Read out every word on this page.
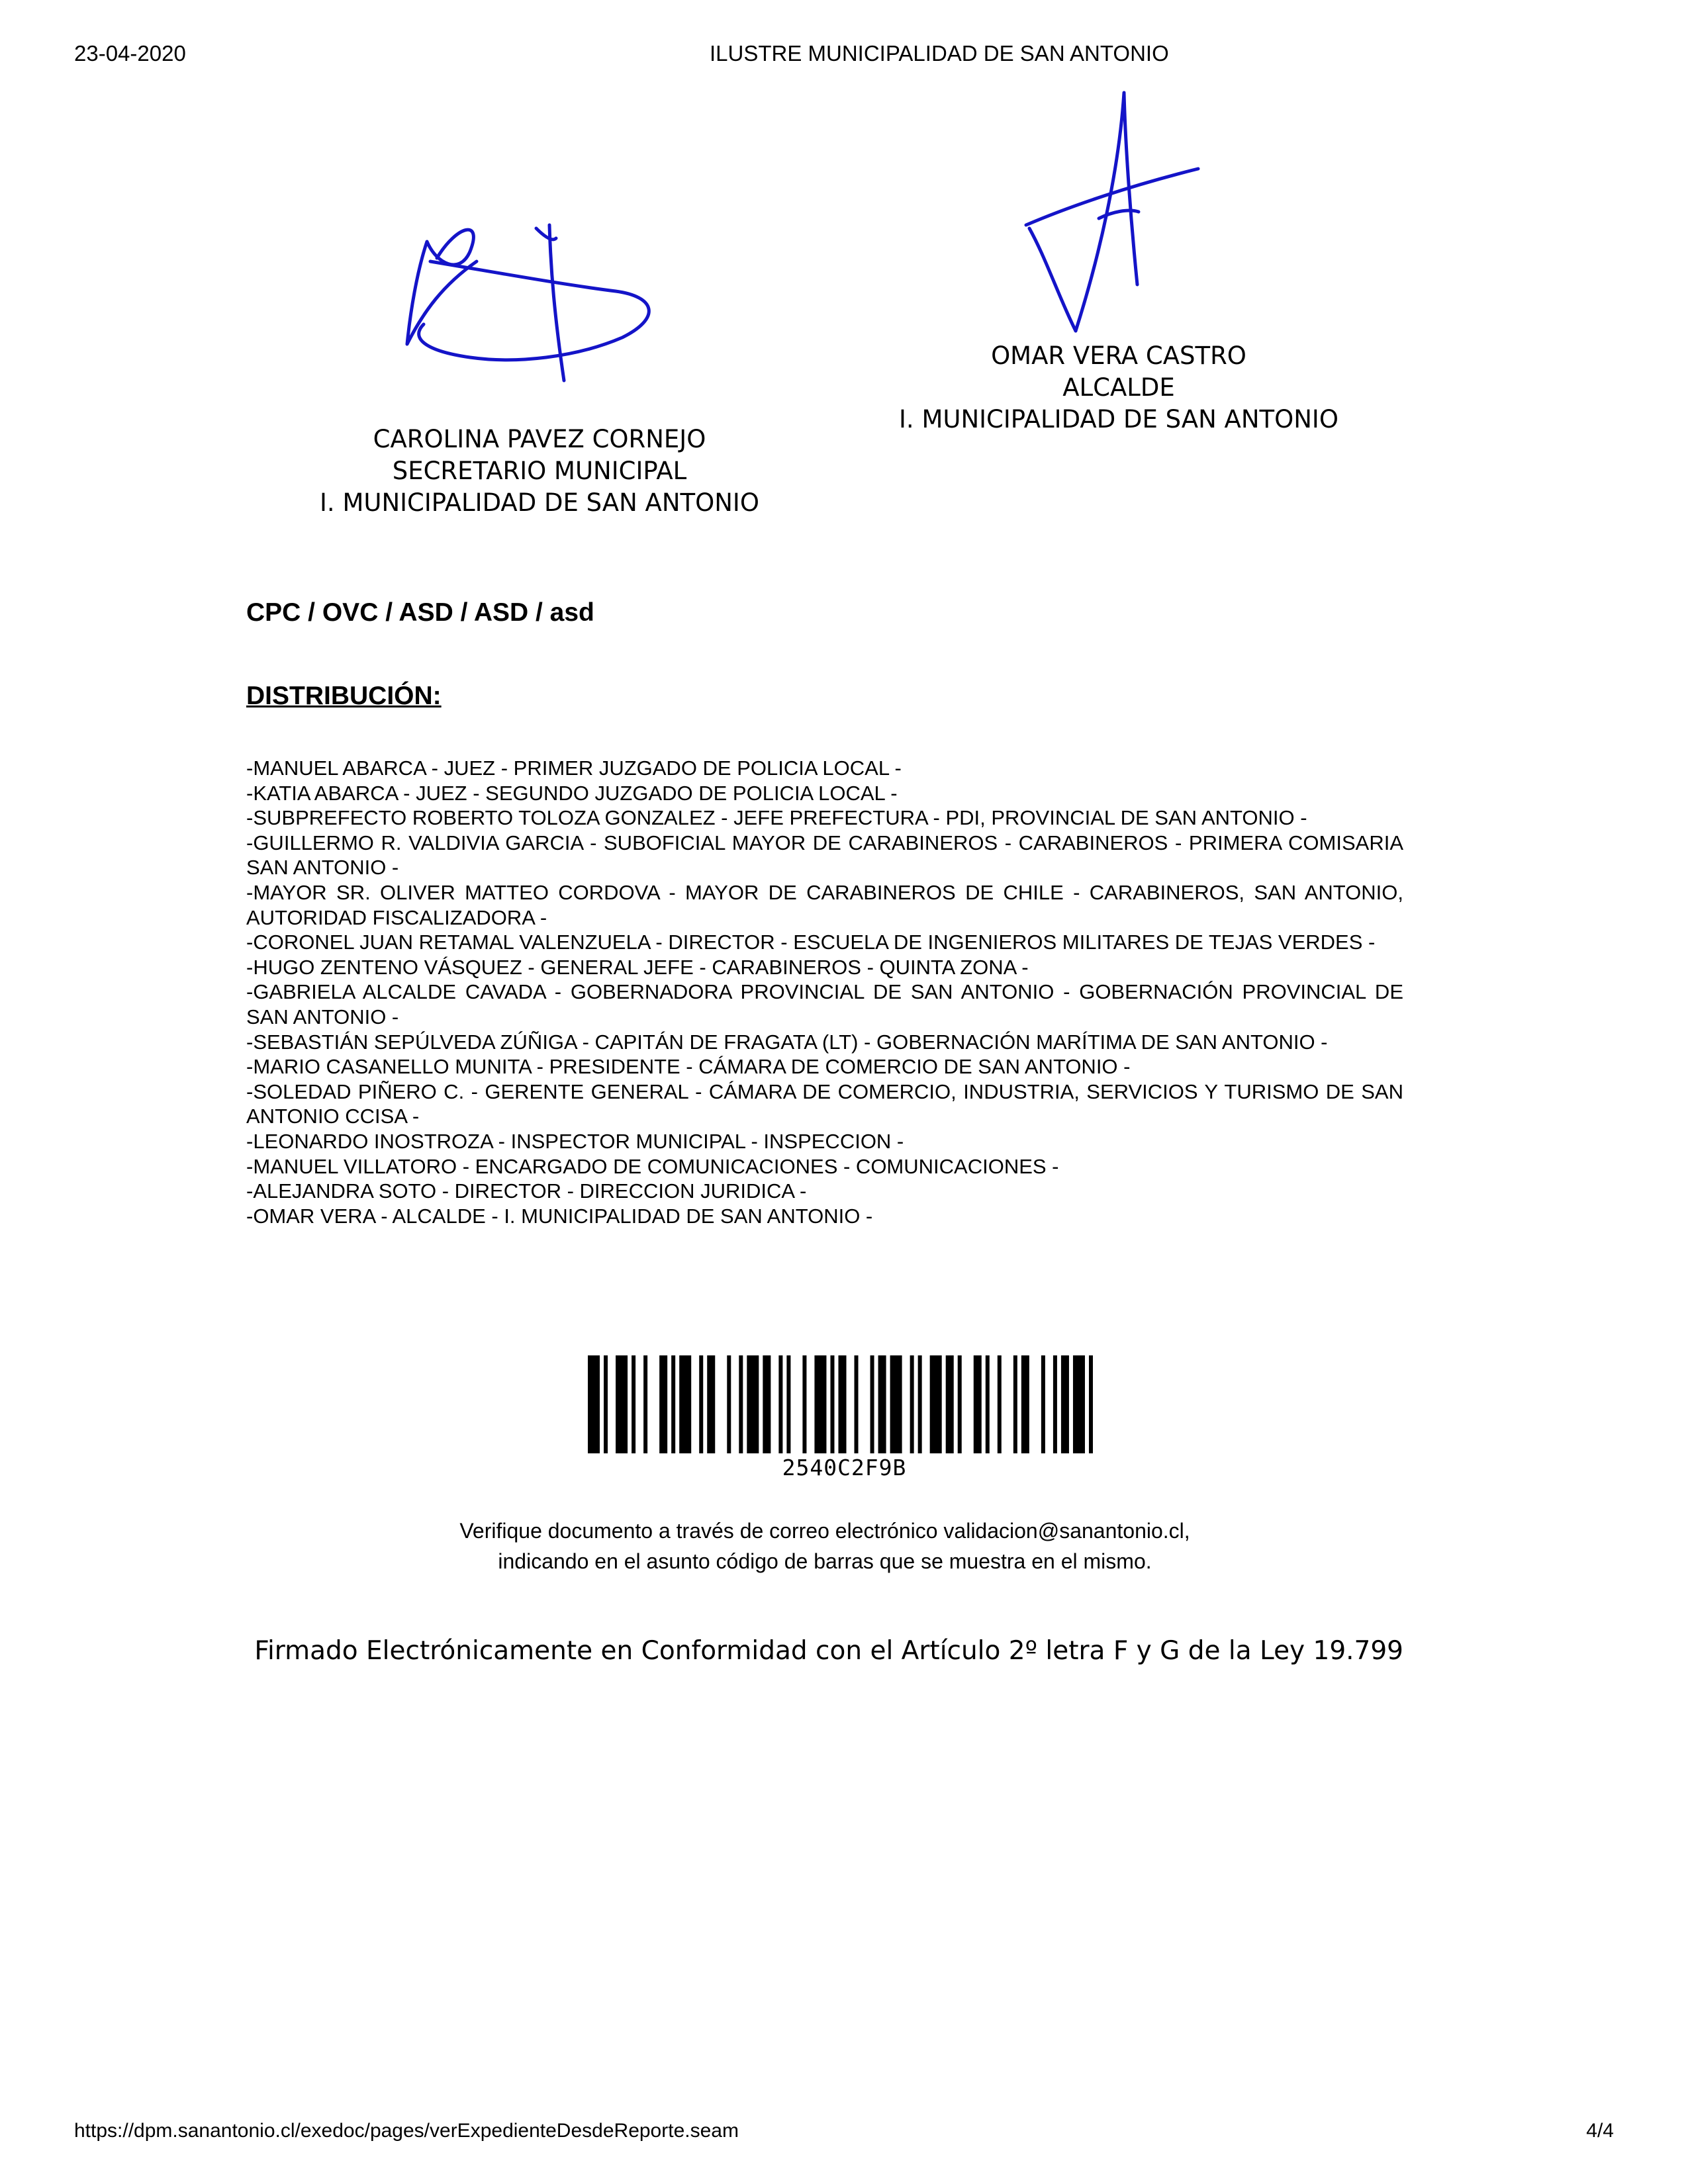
23-04-2020	ILUSTRE MUNICIPALIDAD DE SAN ANTONIO
CAROLINA PAVEZ CORNEJO
SECRETARIO MUNICIPAL
I. MUNICIPALIDAD DE SAN ANTONIO
OMAR VERA CASTRO
ALCALDE
I. MUNICIPALIDAD DE SAN ANTONIO
CPC / OVC / ASD / ASD / asd
DISTRIBUCIÓN:
-MANUEL ABARCA - JUEZ - PRIMER JUZGADO DE POLICIA LOCAL -
-KATIA ABARCA - JUEZ - SEGUNDO JUZGADO DE POLICIA LOCAL -
-SUBPREFECTO ROBERTO TOLOZA GONZALEZ - JEFE PREFECTURA - PDI, PROVINCIAL DE SAN ANTONIO -
-GUILLERMO R. VALDIVIA GARCIA - SUBOFICIAL MAYOR DE CARABINEROS - CARABINEROS - PRIMERA COMISARIA SAN ANTONIO -
-MAYOR SR. OLIVER MATTEO CORDOVA - MAYOR DE CARABINEROS DE CHILE - CARABINEROS, SAN ANTONIO, AUTORIDAD FISCALIZADORA -
-CORONEL JUAN RETAMAL VALENZUELA - DIRECTOR - ESCUELA DE INGENIEROS MILITARES DE TEJAS VERDES -
-HUGO ZENTENO VÁSQUEZ - GENERAL JEFE - CARABINEROS - QUINTA ZONA -
-GABRIELA ALCALDE CAVADA - GOBERNADORA PROVINCIAL DE SAN ANTONIO - GOBERNACIÓN PROVINCIAL DE SAN ANTONIO -
-SEBASTIÁN SEPÚLVEDA ZÚÑIGA - CAPITÁN DE FRAGATA (LT) - GOBERNACIÓN MARÍTIMA DE SAN ANTONIO -
-MARIO CASANELLO MUNITA - PRESIDENTE - CÁMARA DE COMERCIO DE SAN ANTONIO -
-SOLEDAD PIÑERO C. - GERENTE GENERAL - CÁMARA DE COMERCIO, INDUSTRIA, SERVICIOS Y TURISMO DE SAN ANTONIO CCISA -
-LEONARDO INOSTROZA - INSPECTOR MUNICIPAL - INSPECCION -
-MANUEL VILLATORO - ENCARGADO DE COMUNICACIONES - COMUNICACIONES -
-ALEJANDRA SOTO - DIRECTOR - DIRECCION JURIDICA -
-OMAR VERA - ALCALDE - I. MUNICIPALIDAD DE SAN ANTONIO -
2540C2F9B
Verifique documento a través de correo electrónico validacion@sanantonio.cl,
indicando en el asunto código de barras que se muestra en el mismo.
Firmado Electrónicamente en Conformidad con el Artículo 2º letra F y G de la Ley 19.799
https://dpm.sanantonio.cl/exedoc/pages/verExpedienteDesdeReporte.seam	4/4
